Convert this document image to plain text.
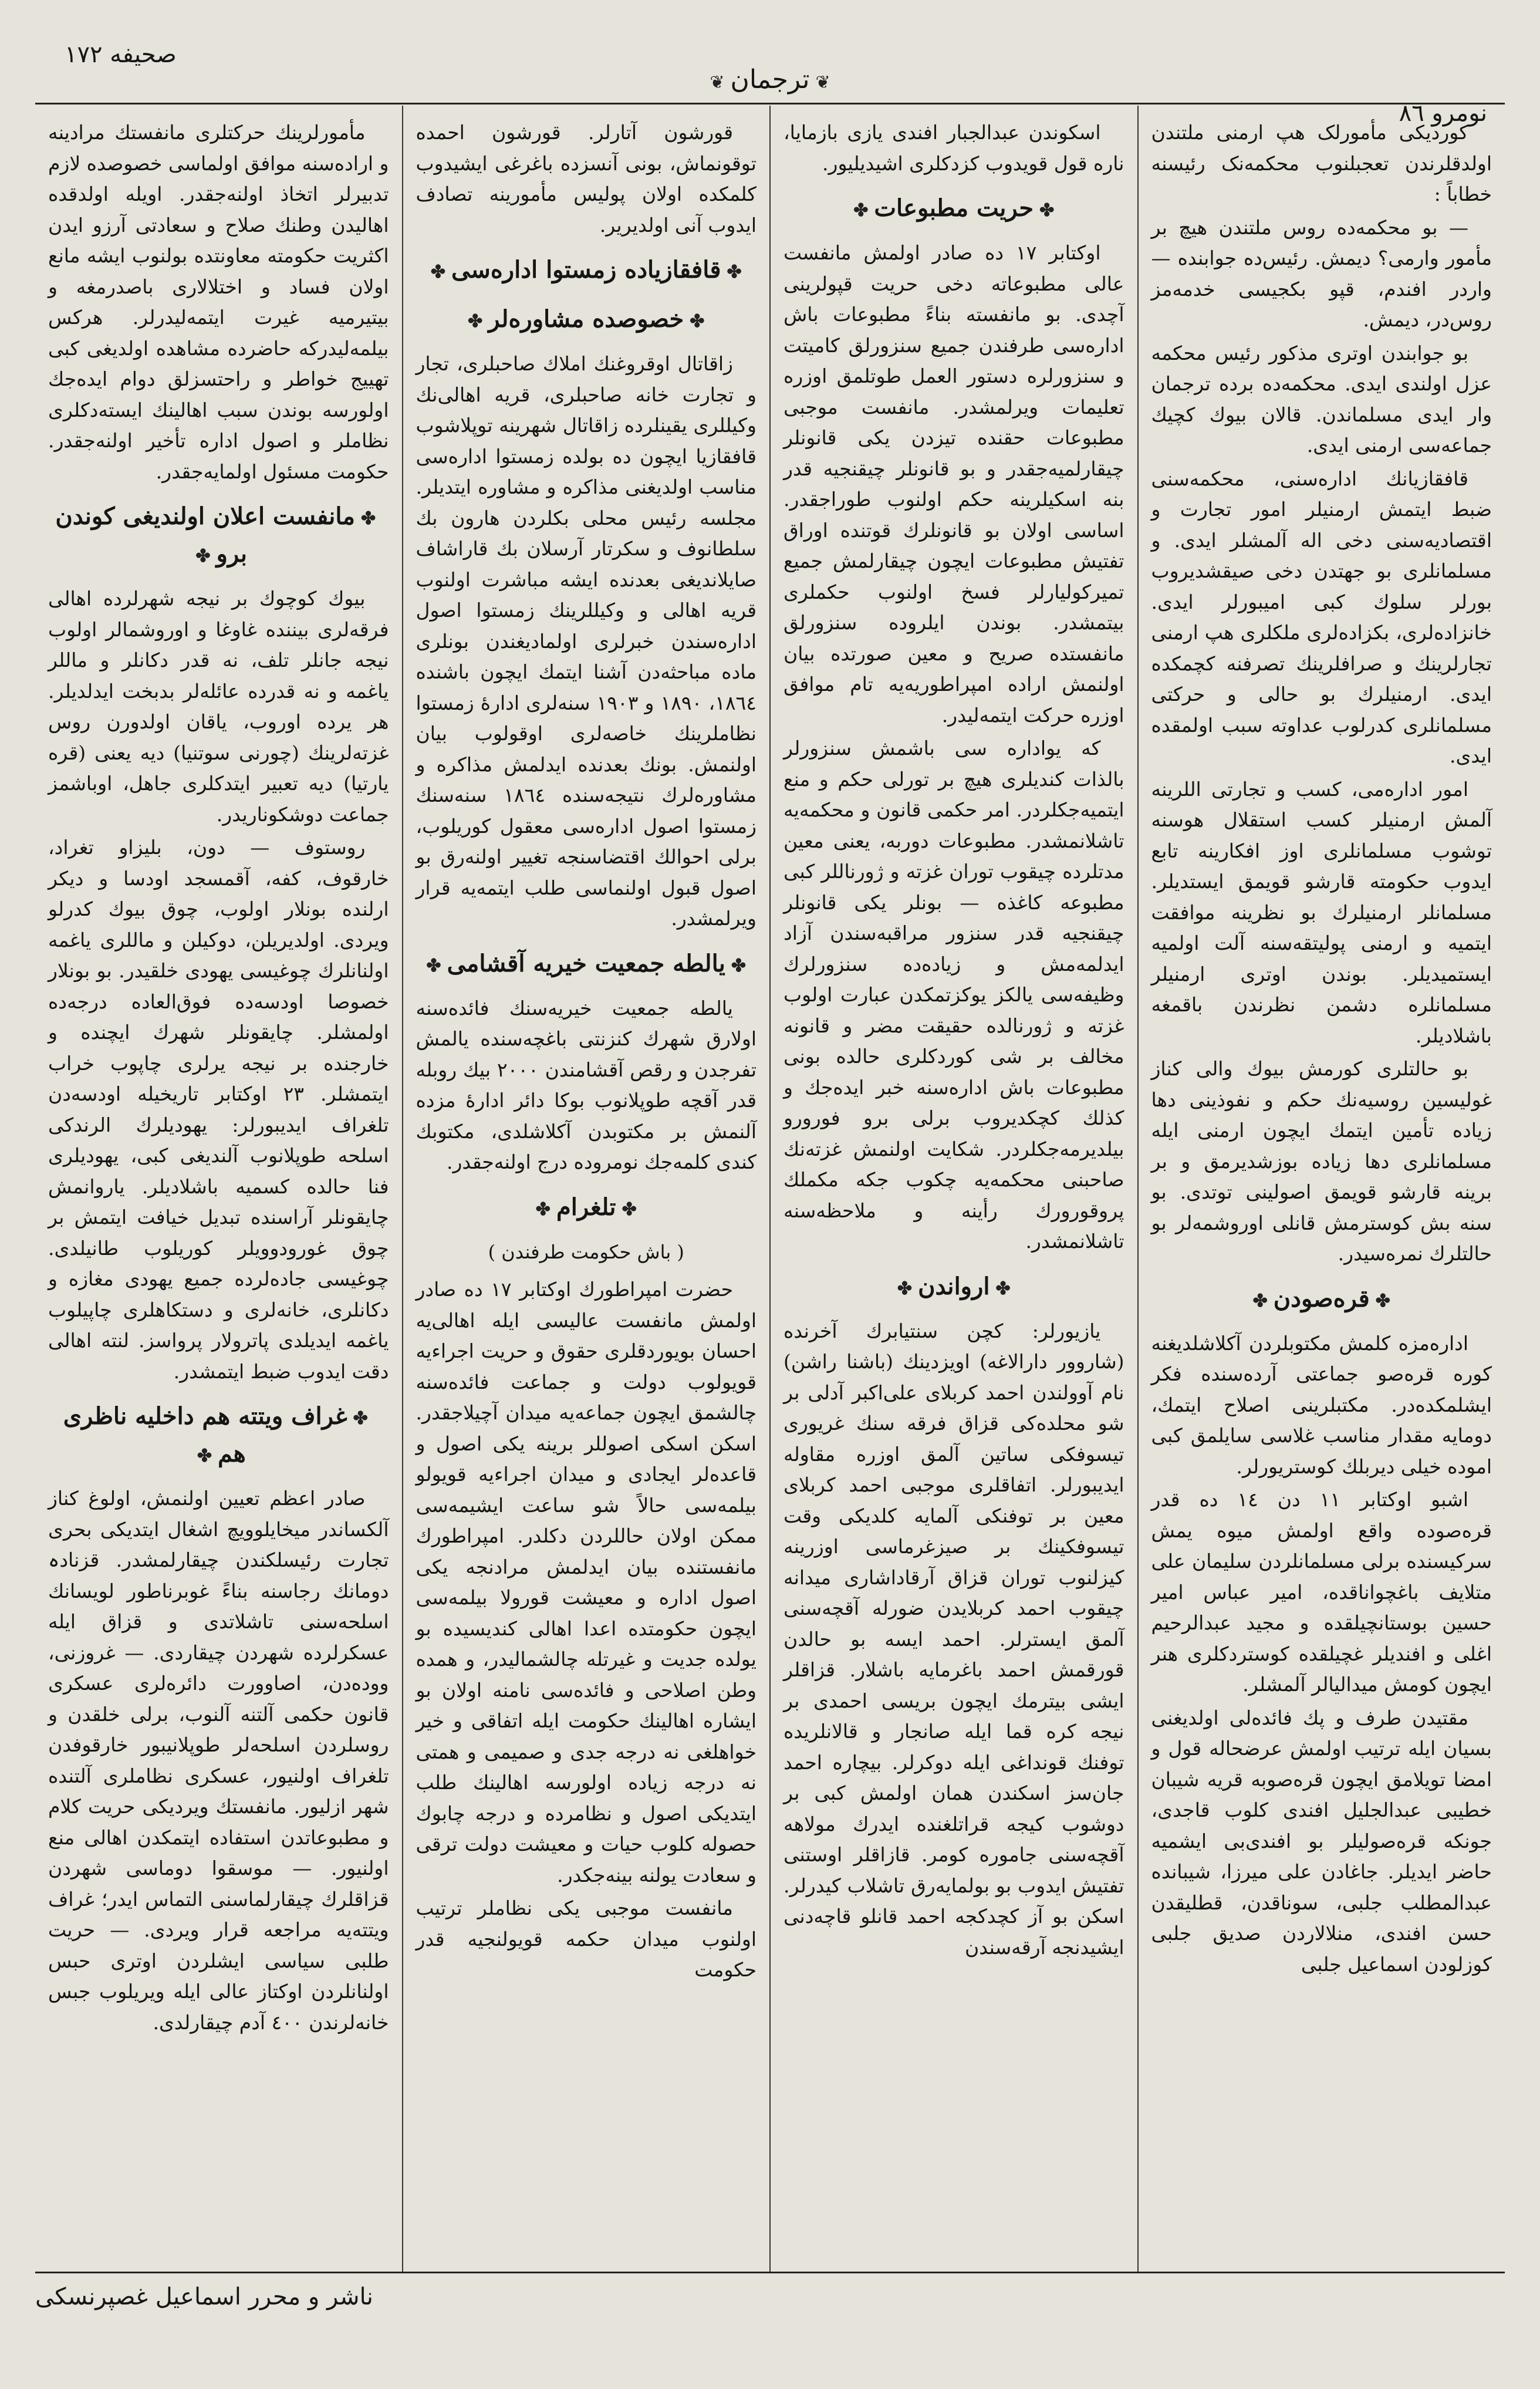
صحیفه ١٧٢
❦ترجمان❦
نومرو ٨٦

کوردیکی مأمورلک هپ ارمنی ملتندن اولدقلرندن تعجبلنوب محکمه‌نک رئیسنه خطاباً :

— بو محکمه‌ده روس ملتندن هیچ بر مأمور وارمی؟ دیمش. رئیس‌ده جوابنده — واردر افندم، قپو بکجیسی خدمه‌مز روس‌در، دیمش.

بو جوابندن اوتری مذکور رئیس محکمه عزل اولندی ایدی. محکمه‌ده برده ترجمان وار ایدی مسلماندن. قالان بیوك کچیك جماعه‌سی ارمنی ایدی.

قافقازیانك اداره‌سنی، محکمه‌سنی ضبط ایتمش ارمنیلر امور تجارت و اقتصادیه‌سنی دخی اله آلمشلر ایدی. و مسلمانلری بو جهتدن دخی صیقشدیروب بورلر سلوك کبی امیبورلر ایدی. خانزاده‌لری، بکزاده‌لری ملکلری هپ ارمنی تجارلرینك و صرافلرینك تصرفنه کچمکده ایدی. ارمنیلرك بو حالی و حرکتی مسلمانلری کدرلوب عداوته سبب اولمقده ایدی.

امور اداره‌می، کسب و تجارتی اللرینه آلمش ارمنیلر کسب استقلال هوسنه توشوب مسلمانلری اوز افکارینه تابع ایدوب حکومته قارشو قویمق ایستدیلر. مسلمانلر ارمنیلرك بو نظرینه موافقت ایتمیه و ارمنی پولیتقه‌سنه آلت اولمیه ایستمیدیلر. بوندن اوتری ارمنیلر مسلمانلره دشمن نظرندن باقمغه باشلادیلر.

بو حالتلری کورمش بیوك والی کناز غولیسین روسیه‌نك حکم و نفوذینی دها زیاده تأمین ایتمك ایچون ارمنی ایله مسلمانلری دها زیاده بوزشدیرمق و بر برینه قارشو قویمق اصولینی توتدی. بو سنه بش کوسترمش قانلی اوروشمه‌لر بو حالتلرك نمره‌سیدر.

✤قره‌صودن✤

اداره‌مزه کلمش مکتوبلردن آکلاشلدیغنه کوره قره‌صو جماعتی آرده‌سنده فکر ایشلمکده‌در. مکتبلرینی اصلاح ایتمك، دومایه مقدار مناسب غلاسی سایلمق کبی اموده خیلی دیربلك کوستریورلر.

اشبو اوکتابر ١١ دن ١٤ ده قدر قره‌صوده واقع اولمش میوه یمش سرکیسنده برلی مسلمانلردن سلیمان علی متلایف باغچواناقده، امیر عباس امیر حسین بوستانچیلقده و مجید عبدالرحیم اغلی و افندیلر غچیلقده کوستردکلری هنر ایچون کومش میدالیالر آلمشلر.

مقتیدن طرف و پك فائده‌لی اولدیغنی بسیان ایله ترتیب اولمش عرضحاله قول و امضا تویلامق ایچون قره‌صوبه قریه شیبان خطیبی عبدالجلیل افندی کلوب قاجدی، جونکه قره‌صولیلر بو افندی‌بی ایشمیه حاضر ایدیلر. جاغادن علی میرزا، شیبانده عبدالمطلب جلبی، سوناقدن، قطلیقدن حسن افندی، منلالاردن صدیق جلبی کوزلودن اسماعیل جلبی

اسکوندن عبدالجبار افندی یازی بازمایا، ناره قول قویدوب کزدکلری اشیدیلیور.

✤حریت مطبوعات✤

اوکتابر ١٧ ده صادر اولمش مانفست عالی مطبوعاته دخی حریت قپولرینی آچدی. بو مانفسته بناءً مطبوعات باش اداره‌سی طرفندن جمیع سنزورلق کامیتت و سنزورلره دستور العمل طوتلمق اوزره تعلیمات ویرلمشدر. مانفست موجبی مطبوعات حقنده تیزدن یکی قانونلر چیقارلمیه‌جقدر و بو قانونلر چیقنجیه قدر بنه اسکیلرینه حکم اولنوب طوراجقدر. اساسی اولان بو قانونلرك قوتنده اوراق تفتیش مطبوعات ایچون چیقارلمش جمیع تمیرکولیارلر فسخ اولنوب حکملری بیتمشدر. بوندن ایلروده سنزورلق مانفستده صریح و معین صورتده بیان اولنمش اراده امپراطوریه‌یه تام موافق اوزره حرکت ایتمه‌لیدر.

که یواداره سی باشمش سنزورلر بالذات کندیلری هیچ بر تورلی حکم و منع ایتمیه‌جکلردر. امر حکمی قانون و محکمه‌یه تاشلانمشدر. مطبوعات دوربه، یعنی معین مدتلرده چیقوب توران غزته و ژورناللر کبی مطبوعه کاغذه — بونلر یکی قانونلر چیقنجیه قدر سنزور مراقبه‌سندن آزاد ایدلمه‌مش و زیاده‌ده سنزورلرك وظیفه‌سی یالکز یوکزتمکدن عبارت اولوب غزته و ژورنالده حقیقت مضر و قانونه مخالف بر شی کوردکلری حالده بونی مطبوعات باش اداره‌سنه خبر ایده‌جك و کذلك کچکدیروب برلی برو فورورو بیلدیرمه‌جکلردر. شکایت اولنمش غزته‌نك صاحبنی محکمه‌یه چکوب جکه مکملك پروقورورك رأینه و ملاحظه‌سنه تاشلانمشدر.

✤ارواندن✤

یازیورلر: کچن سنتیابرك آخرنده (شاروور دارالاغه) اویزدینك (باشنا راشن) نام آوولندن احمد کربلای علی‌اکبر آدلی بر شو محلده‌کی قزاق فرقه سنك غریوری تیسوفکی ساتین آلمق اوزره مقاوله ایدیبورلر. اتفاقلری موجبی احمد کربلای معین بر توفنکی آلمایه کلدیکی وقت تیسوفکینك بر صیزغرماسی اوزرینه کیزلنوب توران قزاق آرقاداشاری میدانه چیقوب احمد کربلایدن ضورله آقچه‌سنی آلمق ایسترلر. احمد ایسه بو حالدن قورقمش احمد باغرمایه باشلار. قزاقلر ایشی بیترمك ایچون بریسی احمدی بر نیجه کره قما ایله صانجار و قالانلریده توفنك قونداغی ایله دوکرلر. بیچاره احمد جان‌سز اسکندن همان اولمش کبی بر دوشوب کیجه قراتلغنده ایدرك مولاهه آقچه‌سنی جاموره کومر. قازاقلر اوستنی تفتیش ایدوب بو بولمایه‌رق تاشلاب کیدرلر. اسکن بو آز کچدکجه احمد قانلو قاچه‌دنی ایشیدنجه آرقه‌سندن

قورشون آتارلر. قورشون احمده توقونماش، بونی آنسزده باغرغی ایشیدوب کلمکده اولان پولیس مأمورینه تصادف ایدوب آنی اولدیریر.

✤قافقازیاده زمستوا اداره‌سی✤
✤خصوصده مشاوره‌لر✤

زاقاتال اوقروغنك املاك صاحبلری، تجار و تجارت خانه صاحبلری، قریه اهالی‌نك وکیللری یقینلرده زاقاتال شهرینه توپلاشوب قافقازیا ایچون ده بولده زمستوا اداره‌سی مناسب اولدیغنی مذاکره و مشاوره ایتدیلر. مجلسه رئیس محلی بکلردن هارون بك سلطانوف و سکرتار آرسلان بك قاراشاف صایلاندیغی بعدنده ایشه مباشرت اولنوب قریه اهالی و وکیللرینك زمستوا اصول اداره‌سندن خبرلری اولمادیغندن بونلری ماده مباحثه‌دن آشنا ایتمك ایچون باشنده ١٨٦٤، ١٨٩٠ و ١٩٠٣ سنه‌لری ادارهٔ زمستوا نظاملرینك خاصه‌لری اوقولوب بیان اولنمش. بونك بعدنده ایدلمش مذاکره و مشاوره‌لرك نتیجه‌سنده ١٨٦٤ سنه‌سنك زمستوا اصول اداره‌سی معقول کوریلوب، برلی احوالك اقتضاسنجه تغییر اولنه‌رق بو اصول قبول اولنماسی طلب ایتمه‌یه قرار ویرلمشدر.

✤یالطه جمعیت خیریه آقشامی✤

یالطه جمعیت خیریه‌سنك فائده‌سنه اولارق شهرك کنزنتی باغچه‌سنده یالمش تفرجدن و رقص آقشامندن ٢٠٠٠ بیك روبله قدر آقچه طوپلانوب بوکا دائر ادارهٔ مزده آلنمش بر مکتوبدن آکلاشلدی، مکتوبك کندی کلمه‌جك نومروده درج اولنه‌جقدر.

✤تلغرام✤
( باش حکومت طرفندن )

حضرت امپراطورك اوکتابر ١٧ ده صادر اولمش مانفست عالیسی ایله اهالی‌یه احسان بویوردقلری حقوق و حریت اجراءیه قویولوب دولت و جماعت فائده‌سنه چالشمق ایچون جماعه‌یه میدان آچیلاجقدر. اسکن اسکی اصوللر برینه یکی اصول و قاعده‌لر ایجادی و میدان اجراءیه قویولو بیلمه‌سی حالاً شو ساعت ایشیمه‌سی ممکن اولان حاللردن دکلدر. امپراطورك مانفستنده بیان ایدلمش مرادنجه یکی اصول اداره و معیشت قورولا بیلمه‌سی ایچون حکومتده اعدا اهالی کندیسیده بو یولده جدیت و غیرتله چالشمالیدر، و همده وطن اصلاحی و فائده‌سی نامنه اولان بو ایشاره اهالینك حکومت ایله اتفاقی و خیر خواهلغی نه درجه جدی و صمیمی و همتی نه درجه زیاده اولورسه اهالینك طلب ایتدیکی اصول و نظامرده و درجه چابوك حصوله کلوب حیات و معیشت دولت ترقی و سعادت یولنه بینه‌جکدر.

مانفست موجبی یکی نظاملر ترتیب اولنوب میدان حکمه قویولنجیه قدر حکومت

مأمورلرینك حرکتلری مانفستك مرادینه و اراده‌سنه موافق اولماسی خصوصده لازم تدبیرلر اتخاذ اولنه‌جقدر. اویله اولدقده اهالیدن وطنك صلاح و سعادتی آرزو ایدن اکثریت حکومته معاونتده بولنوب ایشه مانع اولان فساد و اختلالاری باصدرمغه و بیتیرمیه غیرت ایتمه‌لیدرلر. هرکس بیلمه‌لیدرکه حاضرده مشاهده اولدیغی کبی تهییج خواطر و راحتسزلق دوام ایده‌جك اولورسه بوندن سبب اهالینك ایسته‌دکلری نظاملر و اصول اداره تأخیر اولنه‌جقدر. حکومت مسئول اولمایه‌جقدر.

✤مانفست اعلان اولندیغی کوندن برو✤

بیوك کوچوك بر نیجه شهرلرده اهالی فرقه‌لری بیننده غاوغا و اوروشمالر اولوب نیجه جانلر تلف، نه قدر دکانلر و ماللر یاغمه و نه قدرده عائله‌لر بدبخت ایدلدیلر. هر یرده اوروب، یاقان اولدورن روس غزته‌لرینك (چورنی سوتنیا) دیه یعنی (قره یارتیا) دیه تعبیر ایتدکلری جاهل، اوباشمز جماعت دوشکوناریدر.

روستوف — دون، بلیزاو تغراد، خارقوف، کفه، آقمسجد اودسا و دیکر ارلنده بونلار اولوب، چوق بیوك کدرلو ویردی. اولدیریلن، دوکیلن و ماللری یاغمه اولنانلرك چوغیسی یهودی خلقیدر. بو بونلار خصوصا اودسه‌ده فوق‌العاده درجه‌ده اولمشلر. چایقونلر شهرك ایچنده و خارجنده بر نیجه یرلری چاپوب خراب ایتمشلر. ٢٣ اوکتابر تاریخیله اودسه‌دن تلغراف ایدیبورلر: یهودیلرك الرندکی اسلحه طوپلانوب آلندیغی کبی، یهودیلری فنا حالده کسمیه باشلادیلر. یاروانمش چایقونلر آراسنده تبدیل خیافت ایتمش بر چوق غورودوویلر کوریلوب طانیلدی. چوغیسی جادەلرده جمیع یهودی مغازه و دکانلری، خانه‌لری و دستکاهلری چاپیلوب یاغمه ایدیلدی پاترولار پرواسز. لنته اهالی دقت ایدوب ضبط ایتمشدر.

✤غراف ویتته هم داخلیه ناظری هم✤

صادر اعظم تعیین اولنمش، اولوغ کناز آلکساندر میخایلوویچ اشغال ایتدیکی بحری تجارت رئیسلکندن چیقارلمشدر. قزنادہ دومانك رجاسنه بناءً غوبرناطور لویسانك اسلحه‌سنی تاشلاتدی و قزاق ایله عسکرلرده شهردن چیقاردی. — غروزنی، وودەدن، اصاوورت دائره‌لری عسکری قانون حکمی آلتنه آلنوب، برلی خلقدن و روسلردن اسلحه‌لر طوپلانیبور خارقوفدن تلغراف اولنیور، عسکری نظاملری آلتنده شهر ازلیور. مانفستك ویردیکی حریت کلام و مطبوعاتدن استفاده ایتمکدن اهالی منع اولنیور. — موسقوا دوماسی شهردن قزاقلرك چیقارلماسنی التماس ایدر؛ غراف ویتته‌یه مراجعه قرار ویردی. — حریت طلبی سیاسی ایشلردن اوتری حبس اولنانلردن اوکتاز عالی ایله ویریلوب جبس خانه‌لرندن ٤٠٠ آدم چیقارلدی.

ناشر و محرر اسماعیل غصپرنسکی
